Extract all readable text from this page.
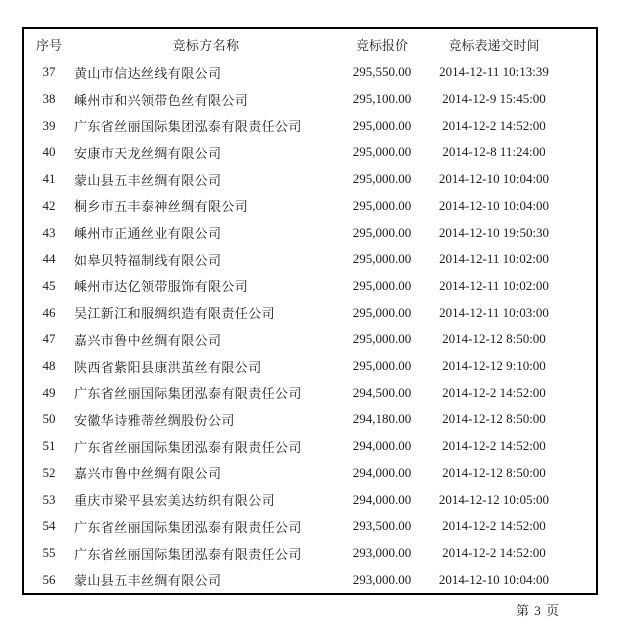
序号	竞标方名称	竞标报价	竞标表递交时间
37	黄山市信达丝线有限公司	295,550.00	2014-12-11 10:13:39
38	嵊州市和兴领带色丝有限公司	295,100.00	2014-12-9 15:45:00
39	广东省丝丽国际集团泓泰有限责任公司	295,000.00	2014-12-2 14:52:00
40	安康市天龙丝绸有限公司	295,000.00	2014-12-8 11:24:00
41	蒙山县五丰丝绸有限公司	295,000.00	2014-12-10 10:04:00
42	桐乡市五丰泰神丝绸有限公司	295,000.00	2014-12-10 10:04:00
43	嵊州市正通丝业有限公司	295,000.00	2014-12-10 19:50:30
44	如皋贝特福制线有限公司	295,000.00	2014-12-11 10:02:00
45	嵊州市达亿领带服饰有限公司	295,000.00	2014-12-11 10:02:00
46	吴江新江和服绸织造有限责任公司	295,000.00	2014-12-11 10:03:00
47	嘉兴市鲁中丝绸有限公司	295,000.00	2014-12-12 8:50:00
48	陕西省紫阳县康洪茧丝有限公司	295,000.00	2014-12-12 9:10:00
49	广东省丝丽国际集团泓泰有限责任公司	294,500.00	2014-12-2 14:52:00
50	安徽华诗雅蒂丝绸股份公司	294,180.00	2014-12-12 8:50:00
51	广东省丝丽国际集团泓泰有限责任公司	294,000.00	2014-12-2 14:52:00
52	嘉兴市鲁中丝绸有限公司	294,000.00	2014-12-12 8:50:00
53	重庆市梁平县宏美达纺织有限公司	294,000.00	2014-12-12 10:05:00
54	广东省丝丽国际集团泓泰有限责任公司	293,500.00	2014-12-2 14:52:00
55	广东省丝丽国际集团泓泰有限责任公司	293,000.00	2014-12-2 14:52:00
56	蒙山县五丰丝绸有限公司	293,000.00	2014-12-10 10:04:00
第 3 页
